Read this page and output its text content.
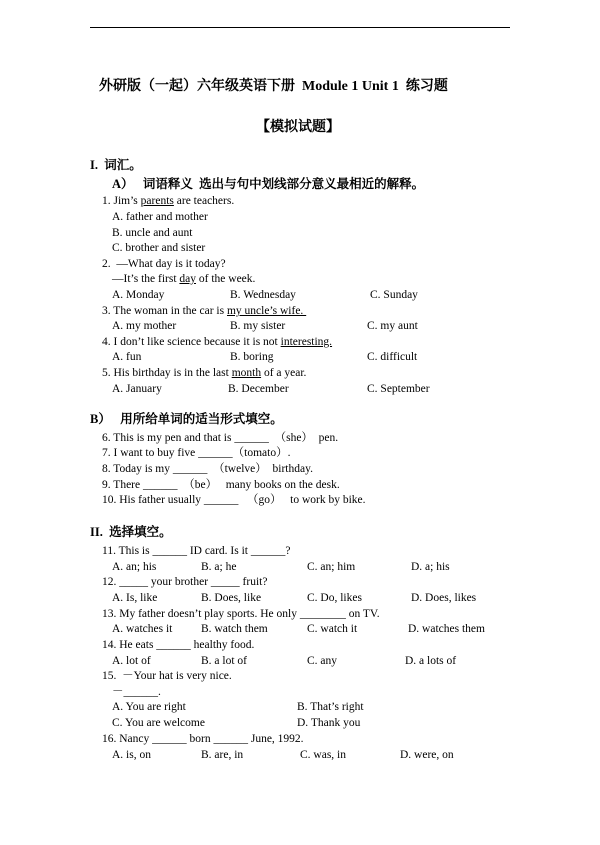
外研版（一起）六年级英语下册  Module 1 Unit 1  练习题
【模拟试题】
I.  词汇。
A）   词语释义  选出与句中划线部分意义最相近的解释。
1. Jim’s parents are teachers.
A. father and mother
B. uncle and aunt
C. brother and sister
2.  —What day is it today?
—It’s the first day of the week.
A. Monday	B. Wednesday	C. Sunday
3. The woman in the car is my uncle’s wife.
A. my mother	B. my sister	C. my aunt
4. I don’t like science because it is not interesting.
A. fun	B. boring	C. difficult
5. His birthday is in the last month of a year.
A. January	B. December	C. September
B）   用所给单词的适当形式填空。
6. This is my pen and that is ______  （she）  pen.
7. I want to buy five ______（tomato）.
8. Today is my ______  （twelve）  birthday.
9. There ______  （be）   many books on the desk.
10. His father usually ______   （go）   to work by bike.
II.  选择填空。
11. This is ______ ID card. Is it ______?
A. an; his	B. a; he	C. an; him	D. a; his
12. _____ your brother _____ fruit?
A. Is, like	B. Does, like	C. Do, likes	D. Does, likes
13. My father doesn’t play sports. He only ________ on TV.
A. watches it B. watch them	C. watch it	D. watches them
14. He eats ______ healthy food.
A. lot of	B. a lot of	C. any	D. a lots of
15.  －Your hat is very nice.
－______.
A. You are right	B. That’s right
C. You are welcome	D. Thank you
16. Nancy ______ born ______ June, 1992.
A. is, on	B. are, in	C. was, in	D. were, on
